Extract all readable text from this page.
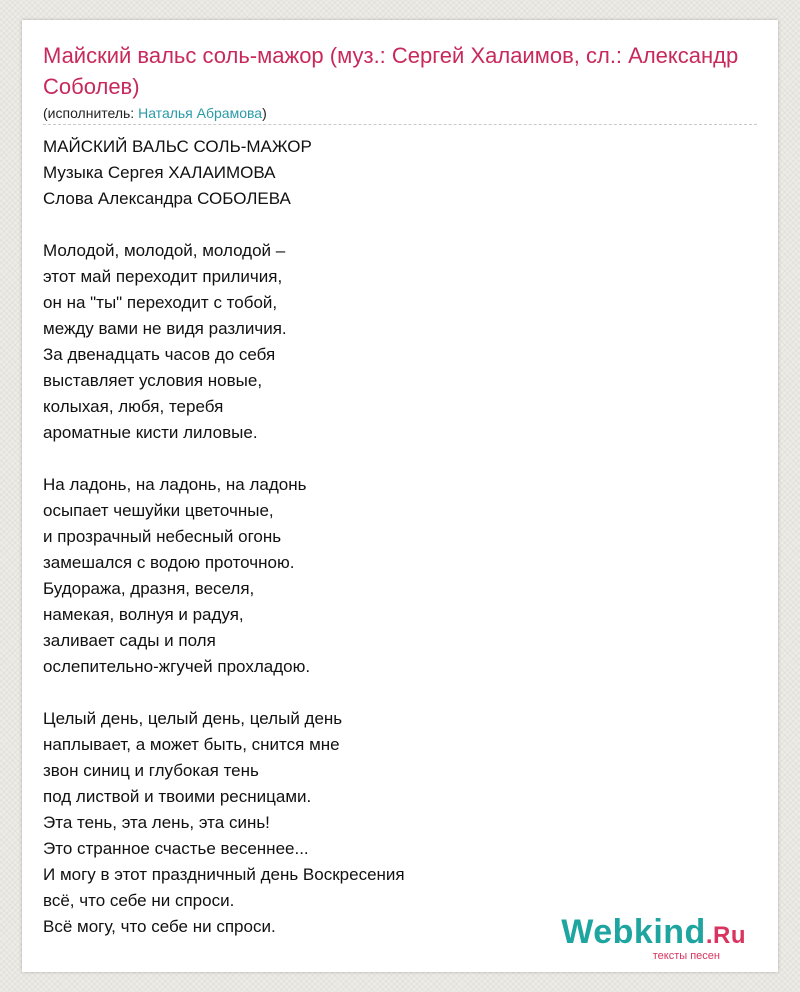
Майский вальс соль-мажор (муз.: Сергей Халаимов, сл.: Александр Соболев)
(исполнитель: Наталья Абрамова)
МАЙСКИЙ ВАЛЬС СОЛЬ-МАЖОР
Музыка Сергея ХАЛАИМОВА
Слова Александра СОБОЛЕВА
Молодой, молодой, молодой –
этот май переходит приличия,
он на "ты" переходит с тобой,
между вами не видя различия.
За двенадцать часов до себя
выставляет условия новые,
колыхая, любя, теребя
ароматные кисти лиловые.
На ладонь, на ладонь, на ладонь
осыпает чешуйки цветочные,
и прозрачный небесный огонь
замешался с водою проточною.
Будоража, дразня, веселя,
намекая, волнуя и радуя,
заливает сады и поля
ослепительно-жгучей прохладою.
Целый день, целый день, целый день
наплывает, а может быть, снится мне
звон синиц и глубокая тень
под листвой и твоими ресницами.
Эта тень, эта лень, эта синь!
Это странное счастье весеннее...
И могу в этот праздничный день Воскресения
всё, что себе ни спроси.
Всё могу, что себе ни спроси.	Webkind.Ru
тексты песен
